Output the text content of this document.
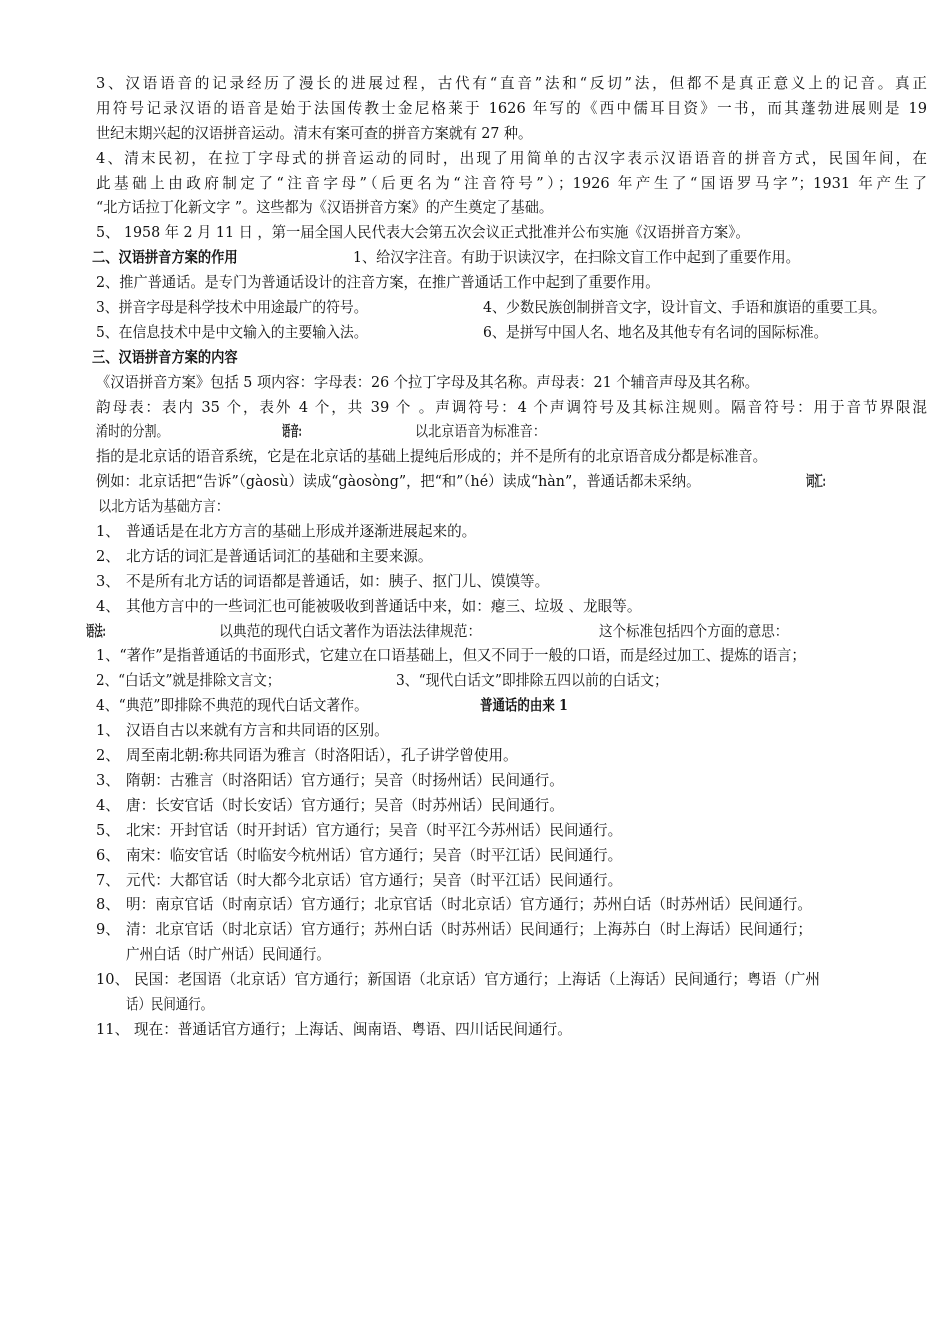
3、汉语语音的记录经历了漫长的进展过程，古代有“直音”法和“反切”法，但都不是真正意义上的记音。真正
用符号记录汉语的语音是始于法国传教士金尼格莱于 1626 年写的《西中儒耳目资》一书，而其蓬勃进展则是 19
世纪末期兴起的汉语拼音运动。清末有案可查的拼音方案就有 27 种。
4、清末民初，在拉丁字母式的拼音运动的同时，出现了用简单的古汉字表示汉语语音的拼音方式，民国年间，在
此基础上由政府制定了“注音字母”（后更名为“注音符号”）；1926 年产生了“国语罗马字”；1931 年产生了
“北方话拉丁化新文字 ”。这些都为《汉语拼音方案》的产生奠定了基础。 5、 1958 年 2 月 11 日 ，第一届全国人民代表大会第五次会议正式批准并公布实施《汉语拼音方案》。 二、汉语拼音方案的作用	1、给汉字注音。有助于识读汉字，在扫除文盲工作中起到了重要作用。 2、推广普通话。是专门为普通话设计的注音方案，在推广普通话工作中起到了重要作用。 3、拼音字母是科学技术中用途最广的符号。	4、少数民族创制拼音文字，设计盲文、手语和旗语的重要工具。 5、在信息技术中是中文输入的主要输入法。	6、是拼写中国人名、地名及其他专有名词的国际标准。 三、汉语拼音方案的内容 《汉语拼音方案》包括 5 项内容：字母表：26 个拉丁字母及其名称。声母表：21 个辅音声母及其名称。
韵母表：表内 35 个，表外 4 个，共 39 个 。声调符号：4 个声调符号及其标注规则。隔音符号：用于音节界限混
淆时的分割。	语音:	以北京语音为标准音： 指的是北京话的语音系统，它是在北京话的基础上提纯后形成的；并不是所有的北京语音成分都是标准音。 例如：北京话把“告诉”（gàosù）读成“gàosòng”，把“和”（hé）读成“hàn”，普通话都未采纳。	词汇: 以北方话为基础方言：
1、 普通话是在北方方言的基础上形成并逐渐进展起来的。
2、 北方话的词汇是普通话词汇的基础和主要来源。
3、 不是所有北方话的词语都是普通话，如：胰子、抠门儿、馍馍等。
4、 其他方言中的一些词汇也可能被吸收到普通话中来，如：瘪三、垃圾 、龙眼等。
语法:	以典范的现代白话文著作为语法法律规范：	这个标准包括四个方面的意思： 1、“著作”是指普通话的书面形式，它建立在口语基础上，但又不同于一般的口语，而是经过加工、提炼的语言； 2、“白话文”就是排除文言文；	3、“现代白话文”即排除五四以前的白话文； 4、“典范”即排除不典范的现代白话文著作。	普通话的由来 1
1、 汉语自古以来就有方言和共同语的区别。
2、 周至南北朝:称共同语为雅言（时洛阳话），孔子讲学曾使用。
3、 隋朝：古雅言（时洛阳话）官方通行；吴音（时扬州话）民间通行。
4、 唐：长安官话（时长安话）官方通行；吴音（时苏州话）民间通行。
5、 北宋：开封官话（时开封话）官方通行；吴音（时平江今苏州话）民间通行。
6、 南宋：临安官话（时临安今杭州话）官方通行；吴音（时平江话）民间通行。
7、 元代：大都官话（时大都今北京话）官方通行；吴音（时平江话）民间通行。
8、 明：南京官话（时南京话）官方通行；北京官话（时北京话）官方通行；苏州白话（时苏州话）民间通行。
9、 清：北京官话（时北京话）官方通行；苏州白话（时苏州话）民间通行；上海苏白（时上海话）民间通行；
广州白话（时广州话）民间通行。
10、 民国：老国语（北京话）官方通行；新国语（北京话）官方通行；上海话（上海话）民间通行；粤语（广州
话）民间通行。
11、 现在：普通话官方通行；上海话、闽南语、粤语、四川话民间通行。
